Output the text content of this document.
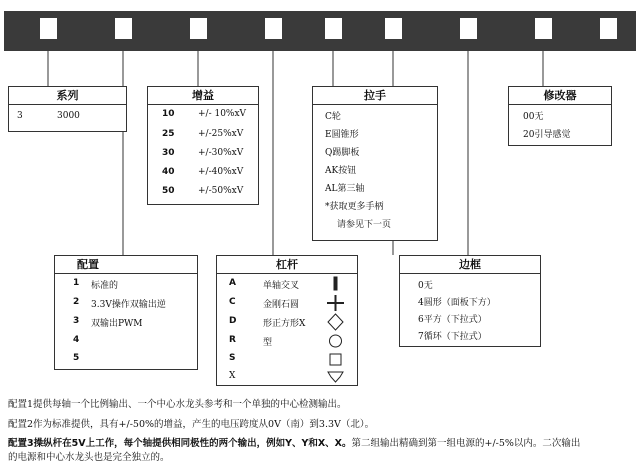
系列
3	3000
增益
10	+/- 10%xV
25	+/-25%xV
30	+/-30%xV
40	+/-40%xV
50	+/-50%xV
拉手
C轮
E圆锥形
Q踢脚板
AK按钮
AL第三轴
*获取更多手柄
请参见下一页
修改器
00无
20引导感觉
配置
1 标准的
2 3.3V操作双输出逆
3 双输出PWM
4
5
杠杆
A	单轴交叉
C	金刚石圆
D	形正方形X
R	型
S
X
边框
0无
4圆形（面板下方）
6平方（下拉式）
7循环（下拉式）
配置1提供每轴一个比例输出、一个中心水龙头参考和一个单独的中心检测输出。
配置2作为标准提供，具有+/-50%的增益，产生的电压跨度从0V（南）到3.3V（北）。
配置3操纵杆在5V上工作，每个轴提供相同极性的两个输出，例如Y、Y和X、X。第二组输出精确到第一组电源的+/-5%以内。二次输出
的电源和中心水龙头也是完全独立的。
